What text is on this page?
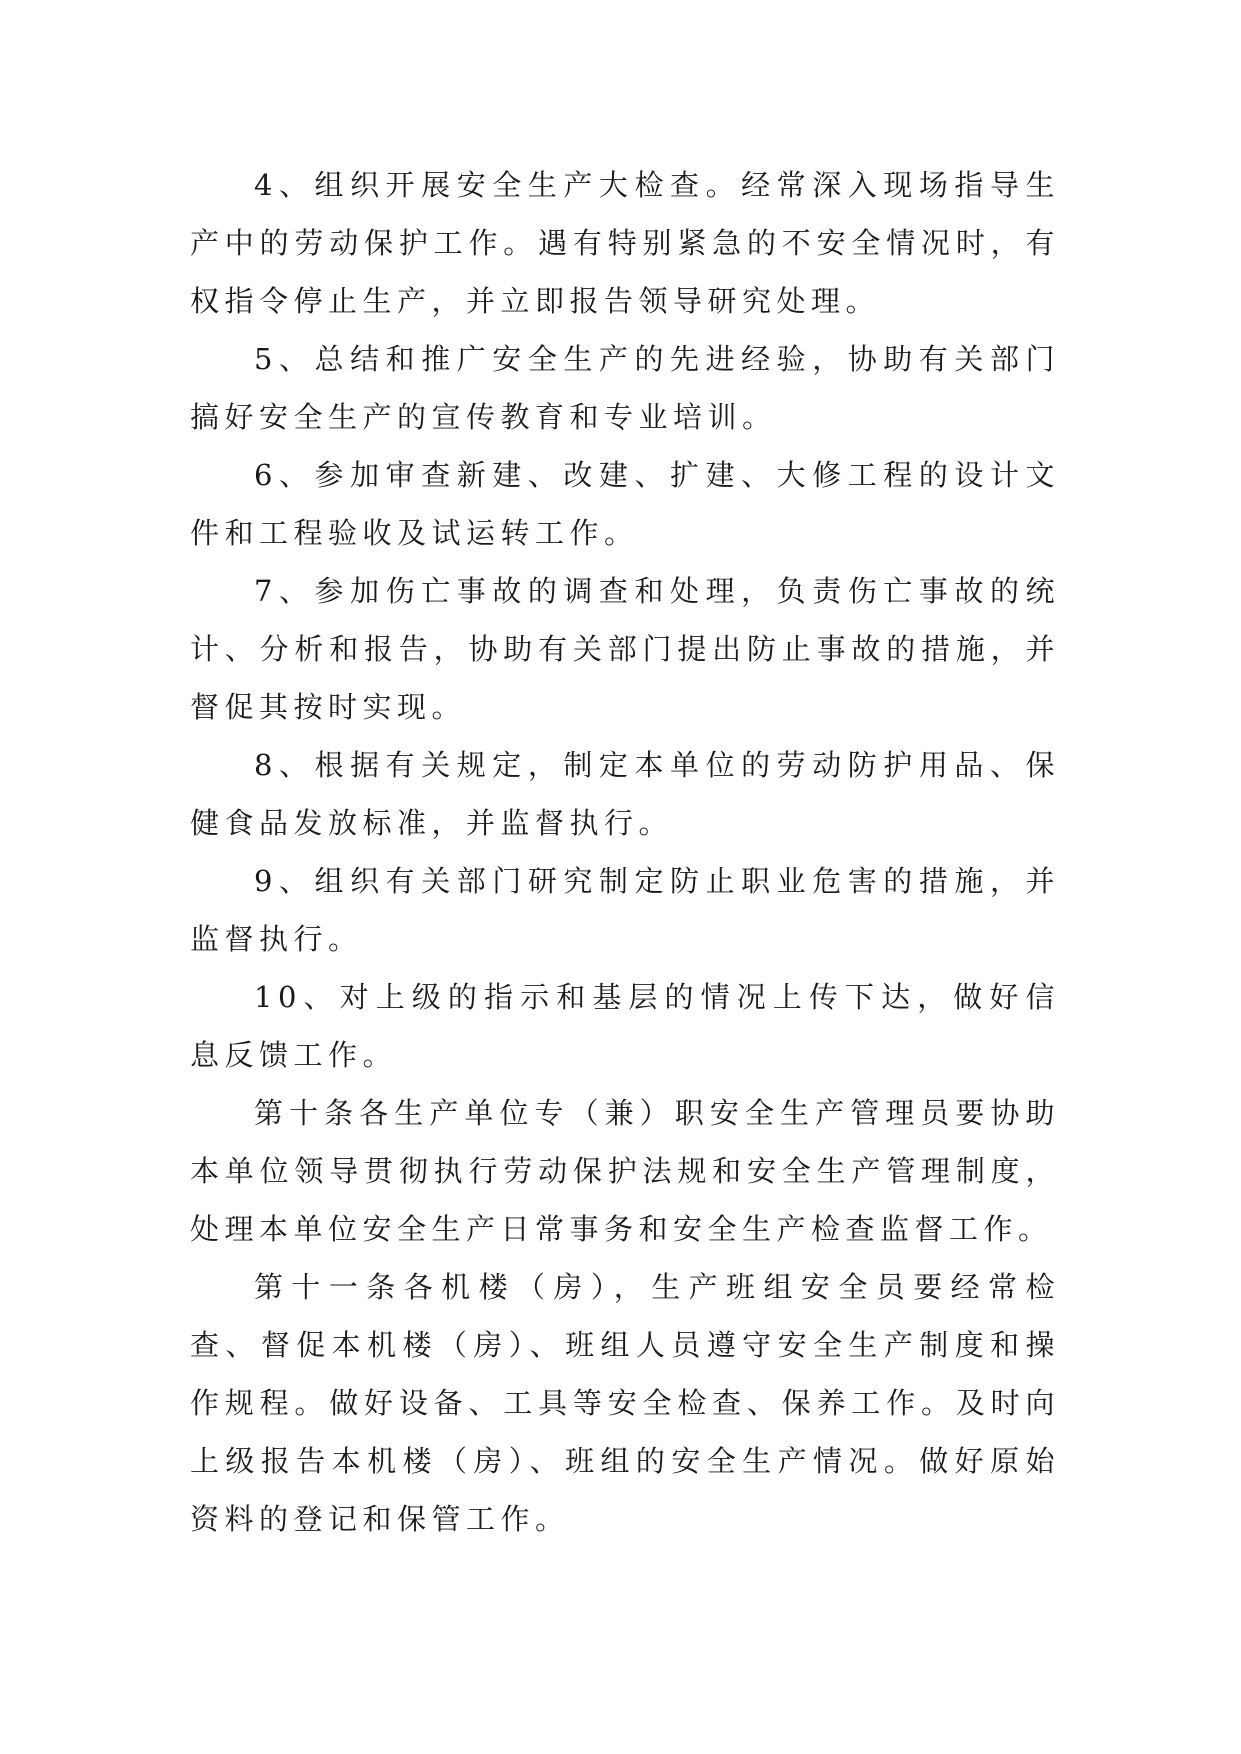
4、组织开展安全生产大检查。经常深入现场指导生产中的劳动保护工作。遇有特别紧急的不安全情况时，有权指令停止生产，并立即报告领导研究处理。

5、总结和推广安全生产的先进经验，协助有关部门搞好安全生产的宣传教育和专业培训。

6、参加审查新建、改建、扩建、大修工程的设计文件和工程验收及试运转工作。

7、参加伤亡事故的调查和处理，负责伤亡事故的统计、分析和报告，协助有关部门提出防止事故的措施，并督促其按时实现。

8、根据有关规定，制定本单位的劳动防护用品、保健食品发放标准，并监督执行。

9、组织有关部门研究制定防止职业危害的措施，并监督执行。

10、对上级的指示和基层的情况上传下达，做好信息反馈工作。

第十条各生产单位专（兼）职安全生产管理员要协助本单位领导贯彻执行劳动保护法规和安全生产管理制度，处理本单位安全生产日常事务和安全生产检查监督工作。

第十一条各机楼（房），生产班组安全员要经常检查、督促本机楼（房）、班组人员遵守安全生产制度和操作规程。做好设备、工具等安全检查、保养工作。及时向上级报告本机楼（房）、班组的安全生产情况。做好原始资料的登记和保管工作。
